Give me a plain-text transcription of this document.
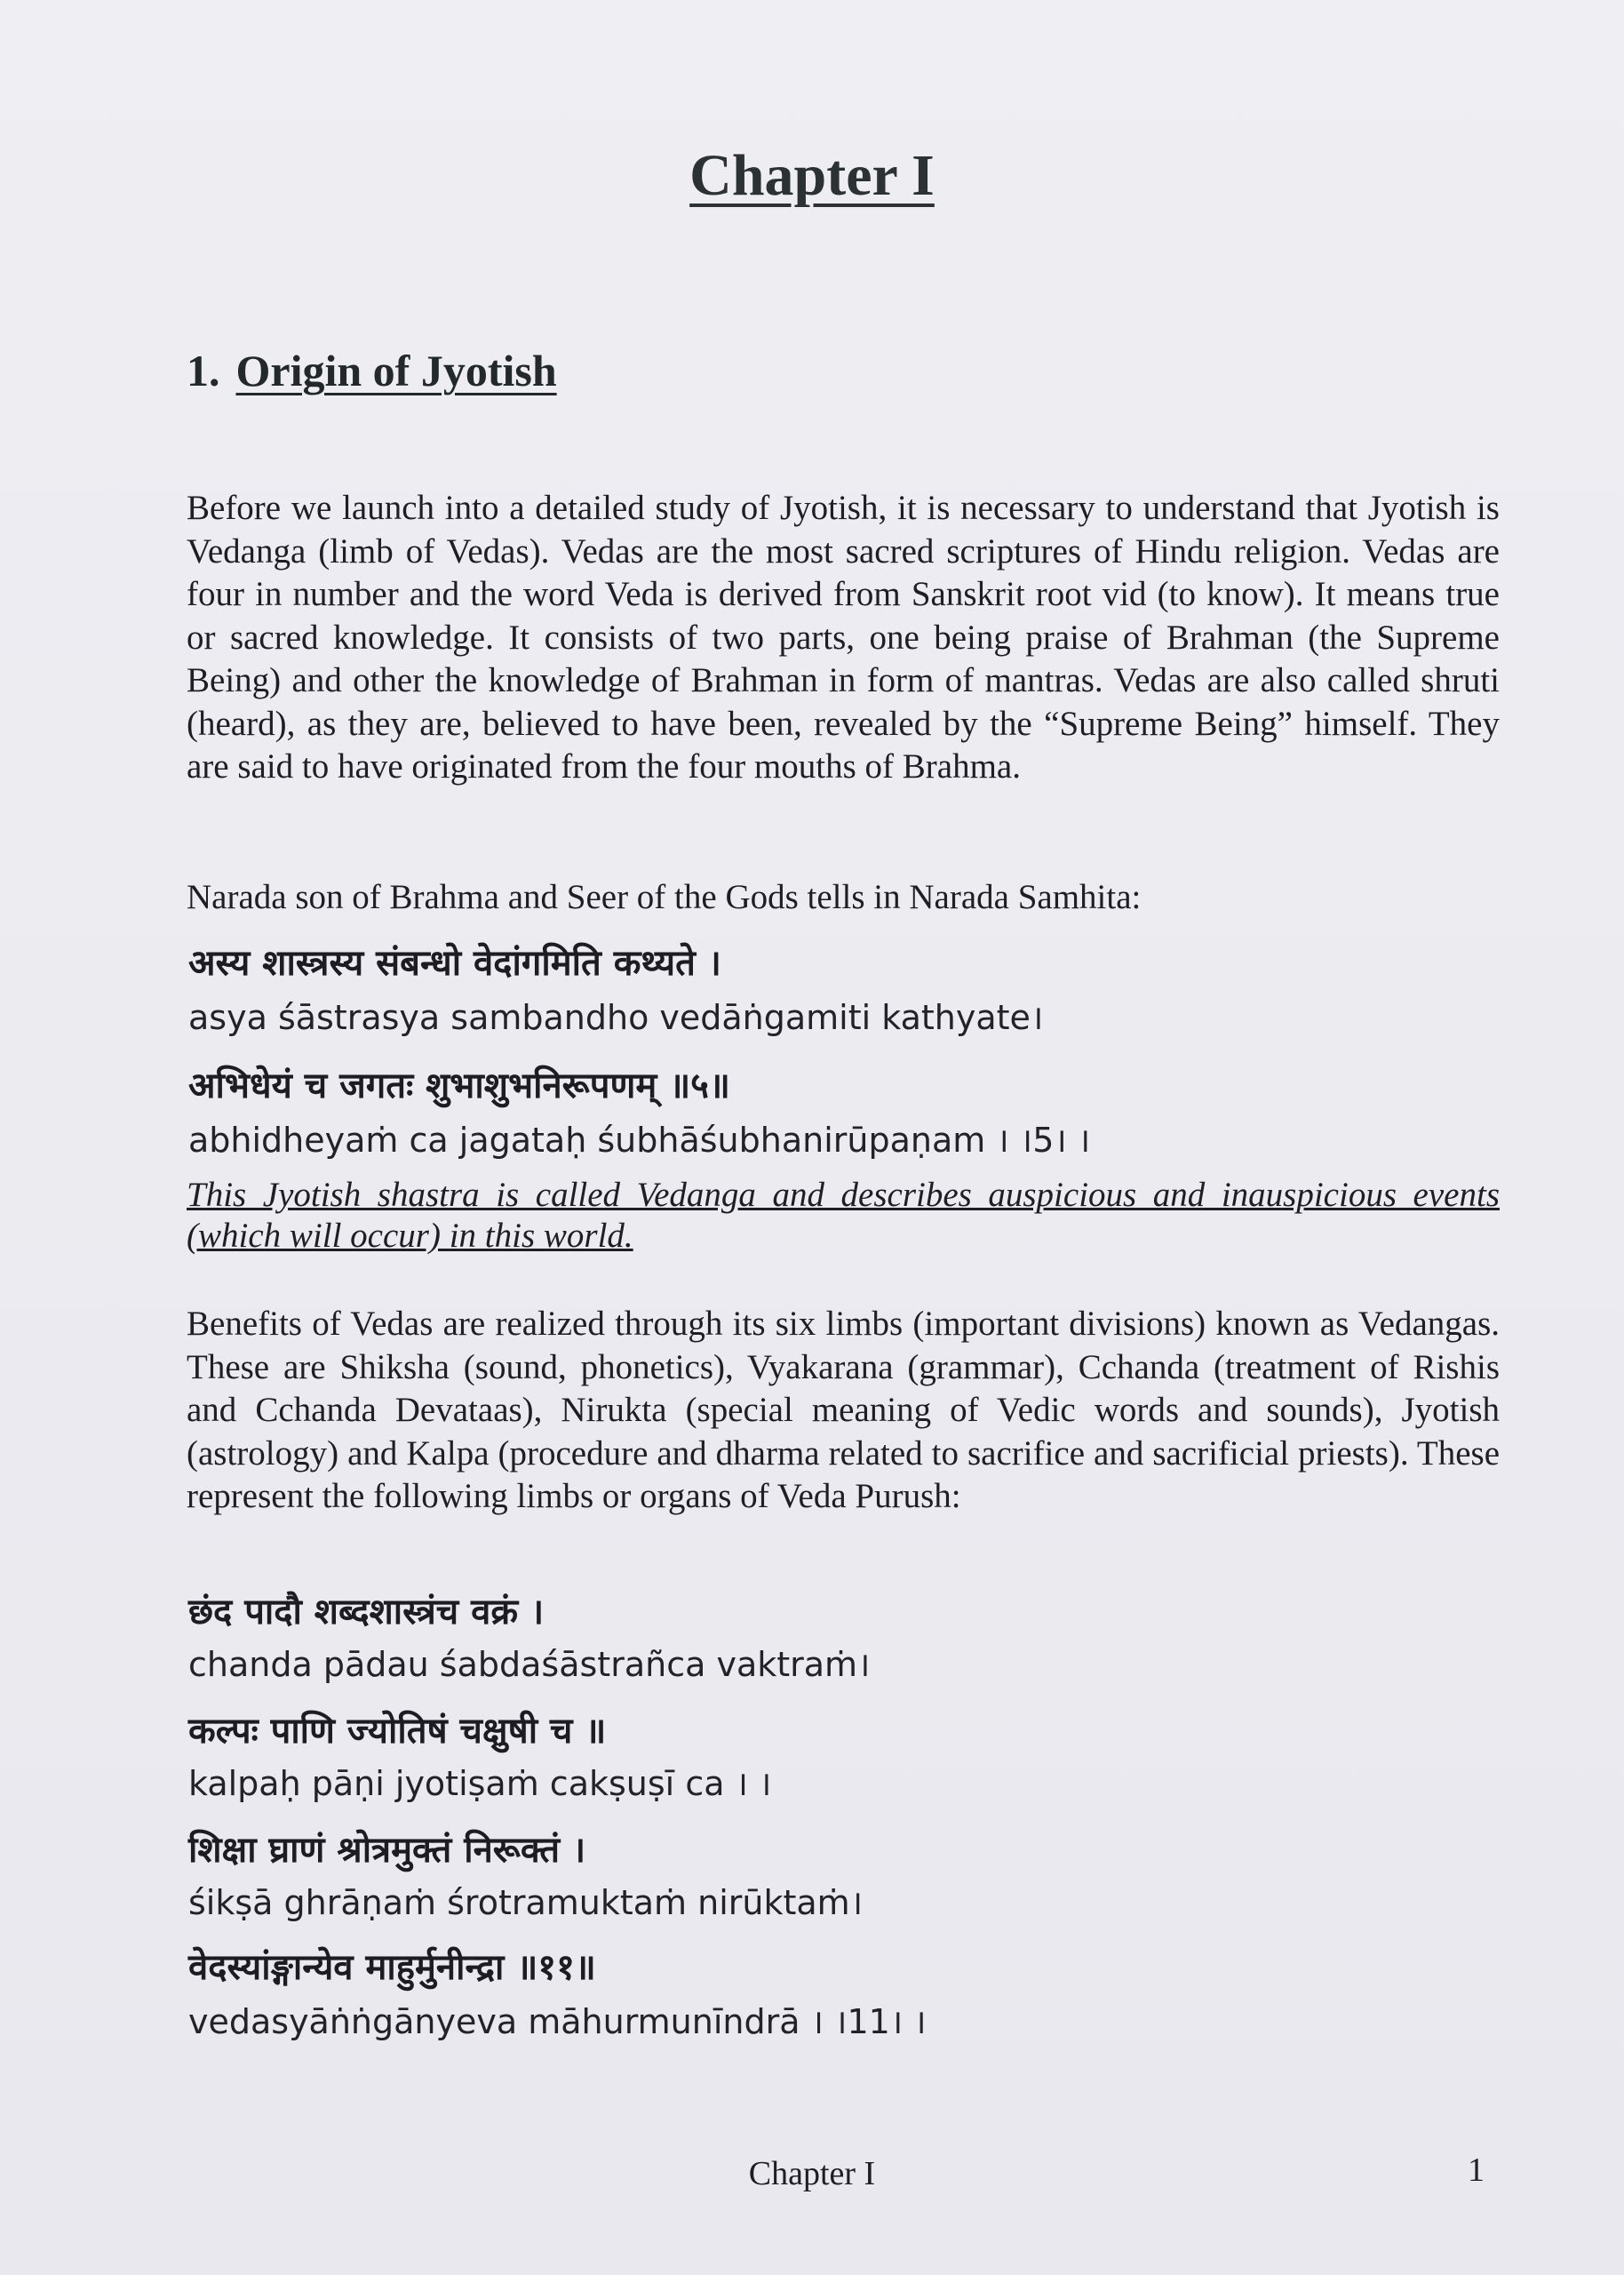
Chapter I
1. Origin of Jyotish
Before we launch into a detailed study of Jyotish, it is necessary to understand that Jyotish is Vedanga (limb of Vedas). Vedas are the most sacred scriptures of Hindu religion. Vedas are four in number and the word Veda is derived from Sanskrit root vid (to know). It means true or sacred knowledge. It consists of two parts, one being praise of Brahman (the Supreme Being) and other the knowledge of Brahman in form of mantras. Vedas are also called shruti (heard), as they are, believed to have been, revealed by the “Supreme Being” himself. They are said to have originated from the four mouths of Brahma.
Narada son of Brahma and Seer of the Gods tells in Narada Samhita:
अस्य शास्त्रस्य संबन्धो वेदांगमिति कथ्यते ।
asya śāstrasya sambandho vedāṅgamiti kathyate।
अभिधेयं च जगतः शुभाशुभनिरूपणम् ॥५॥
abhidheyaṁ ca jagataḥ śubhāśubhanirūpaṇam । ।5। ।
This Jyotish shastra is called Vedanga and describes auspicious and inauspicious events (which will occur) in this world.
Benefits of Vedas are realized through its six limbs (important divisions) known as Vedangas. These are Shiksha (sound, phonetics), Vyakarana (grammar), Cchanda (treatment of Rishis and Cchanda Devataas), Nirukta (special meaning of Vedic words and sounds), Jyotish (astrology) and Kalpa (procedure and dharma related to sacrifice and sacrificial priests). These represent the following limbs or organs of Veda Purush:
छंद पादौ शब्दशास्त्रंच वक्रं ।
chanda pādau śabdaśāstrañca vaktraṁ।
कल्पः पाणि ज्योतिषं चक्षुषी च ॥
kalpaḥ pāṇi jyotiṣaṁ cakṣuṣī ca । ।
शिक्षा घ्राणं श्रोत्रमुक्तं निरूक्तं ।
śikṣā ghrāṇaṁ śrotramuktaṁ nirūktaṁ।
वेदस्यांङ्गान्येव माहुर्मुनीन्द्रा ॥११॥
vedasyāṅṅgānyeva māhurmunīndrā । ।11। ।
Chapter I	1
